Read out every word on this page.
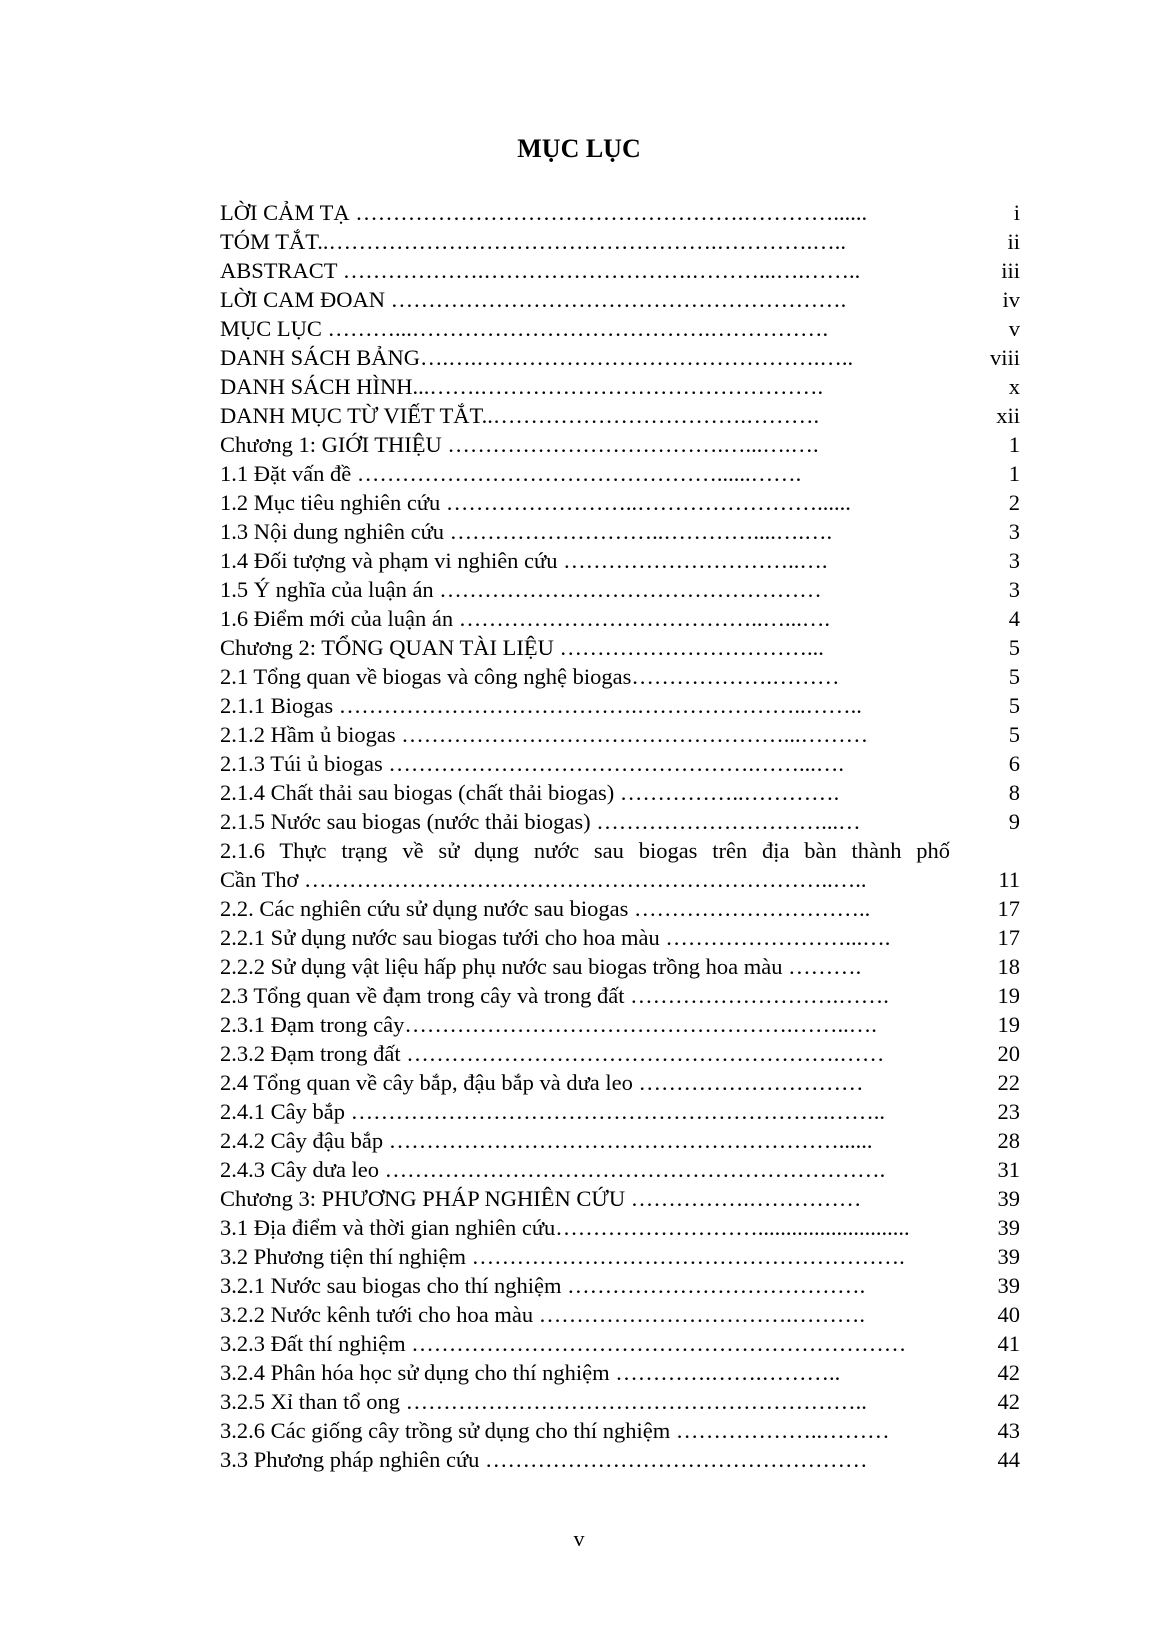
MỤC LỤC
LỜI CẢM TẠ …………………………………………….…………......	i
TÓM TẮT..…………………………………………….………….…..	ii
ABSTRACT ……………….……………………….………...….……..	iii
LỜI CAM ĐOAN …………………………………………………….	iv
MỤC LỤC ………...………………………………….…………….	v
DANH SÁCH BẢNG….….……………………………………….…..	viii
DANH SÁCH HÌNH...…….……………………………………….	x
DANH MỤC TỪ VIẾT TẮT..…………………………….……….	xii
Chương 1: GIỚI THIỆU ……………………………….…...….….	1
1.1 Đặt vấn đề …………………………………………......…….	1
1.2 Mục tiêu nghiên cứu ……………………..……………………......	2
1.3 Nội dung nghiên cứu ………………………..…………....….….	3
1.4 Đối tượng và phạm vi nghiên cứu …………………………..….	3
1.5 Ý nghĩa của luận án ……………………………………………	3
1.6 Điểm mới của luận án …………………………………..…...….	4
Chương 2: TỔNG QUAN TÀI LIỆU ……………………………...	5
2.1 Tổng quan về biogas và công nghệ biogas……………….………	5
2.1.1 Biogas ………………………………….…………………..……..	5
2.1.2 Hầm ủ biogas ……………………………………………...………	5
2.1.3 Túi ủ biogas ………………………………………….……...….	6
2.1.4 Chất thải sau biogas (chất thải biogas) ……………..………….	8
2.1.5 Nước sau biogas (nước thải biogas) …………………………...…	9
2.1.6 Thực trạng về sử dụng nước sau biogas trên địa bàn thành phố
Cần Thơ ……………………………………………………………..…..	11
2.2. Các nghiên cứu sử dụng nước sau biogas …………………………..	17
2.2.1 Sử dụng nước sau biogas tưới cho hoa màu ……………………...….	17
2.2.2 Sử dụng vật liệu hấp phụ nước sau biogas trồng hoa màu ……….	18
2.3 Tổng quan về đạm trong cây và trong đất ……………………….…….	19
2.3.1 Đạm trong cây…………………………………………….……..….	19
2.3.2 Đạm trong đất ………………………………………………….……	20
2.4 Tổng quan về cây bắp, đậu bắp và dưa leo …………………………	22
2.4.1 Cây bắp ……………………………………………………….……..	23
2.4.2 Cây đậu bắp ……………………………………………………......	28
2.4.3 Cây dưa leo ………………………………………………………….	31
Chương 3: PHƯƠNG PHÁP NGHIÊN CỨU …………….……………	39
3.1 Địa điểm và thời gian nghiên cứu………………………...........................	39
3.2 Phương tiện thí nghiệm ………………………………………………….	39
3.2.1 Nước sau biogas cho thí nghiệm ………………………………….	39
3.2.2 Nước kênh tưới cho hoa màu …………………………….……….	40
3.2.3 Đất thí nghiệm …………………………………………………………	41
3.2.4 Phân hóa học sử dụng cho thí nghiệm ………….…….………..	42
3.2.5 Xỉ than tổ ong ……………………………………………………..	42
3.2.6 Các giống cây trồng sử dụng cho thí nghiệm ………………..………	43
3.3 Phương pháp nghiên cứu ……………………………………………	44
v
